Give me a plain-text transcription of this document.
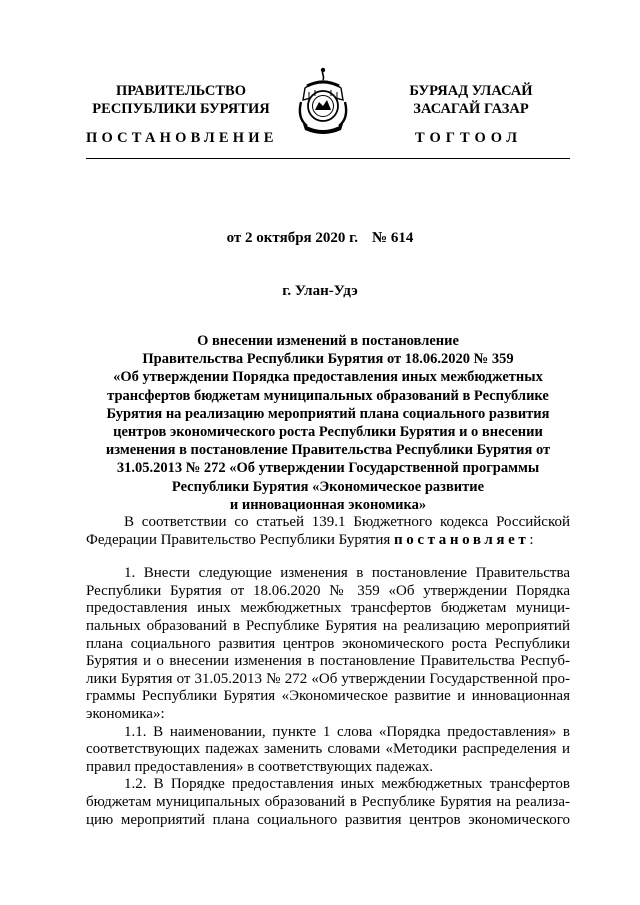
ПРАВИТЕЛЬСТВО
РЕСПУБЛИКИ БУРЯТИЯ
БУРЯАД УЛАСАЙ
ЗАСАГАЙ ГАЗАР
ПОСТАНОВЛЕНИЕ	ТОГТООЛ
от 2 октября 2020 г. № 614
г. Улан-Удэ
О внесении изменений в постановление
Правительства Республики Бурятия от 18.06.2020 № 359
«Об утверждении Порядка предоставления иных межбюджетных
трансфертов бюджетам муниципальных образований в Республике
Бурятия на реализацию мероприятий плана социального развития
центров экономического роста Республики Бурятия и о внесении
изменения в постановление Правительства Республики Бурятия от
31.05.2013 № 272 «Об утверждении Государственной программы
Республики Бурятия «Экономическое развитие
и инновационная экономика»
В соответствии со статьей 139.1 Бюджетного кодекса Российской
Федерации Правительство Республики Бурятия постановляет:
1. Внести следующие изменения в постановление Правительства
Республики Бурятия от 18.06.2020 № 359 «Об утверждении Порядка
предоставления иных межбюджетных трансфертов бюджетам муници-
пальных образований в Республике Бурятия на реализацию мероприятий
плана социального развития центров экономического роста Республики
Бурятия и о внесении изменения в постановление Правительства Респуб-
лики Бурятия от 31.05.2013 № 272 «Об утверждении Государственной про-
граммы Республики Бурятия «Экономическое развитие и инновационная
экономика»:
1.1. В наименовании, пункте 1 слова «Порядка предоставления» в
соответствующих падежах заменить словами «Методики распределения и
правил предоставления» в соответствующих падежах.
1.2. В Порядке предоставления иных межбюджетных трансфертов
бюджетам муниципальных образований в Республике Бурятия на реализа-
цию мероприятий плана социального развития центров экономического
